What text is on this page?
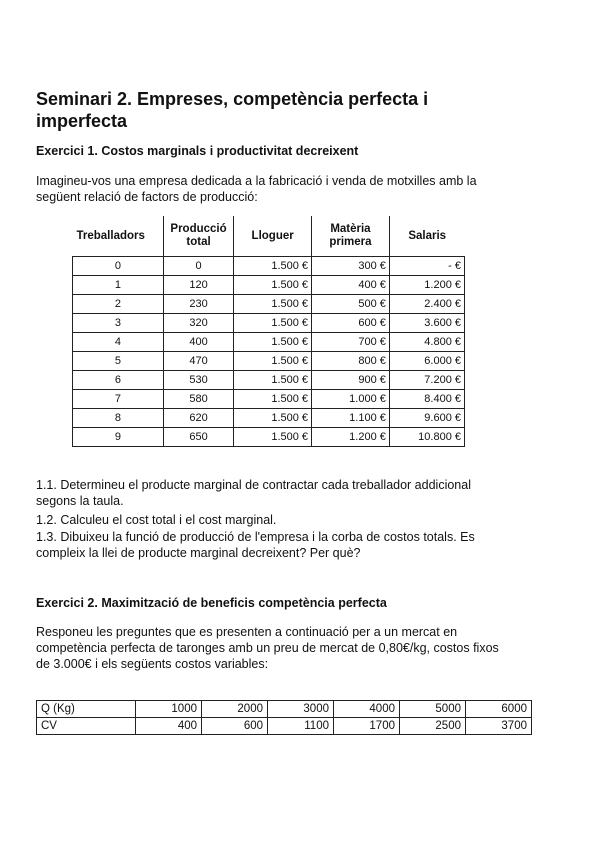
Seminari 2. Empreses, competència perfecta i imperfecta
Exercici 1. Costos marginals i productivitat decreixent

Imagineu-vos una empresa dedicada a la fabricació i venda de motxilles amb la següent relació de factors de producció:

Treballadors	Producció total	Lloguer	Matèria primera	Salaris
0	0	1.500 €	300 €	- €
1	120	1.500 €	400 €	1.200 €
2	230	1.500 €	500 €	2.400 €
3	320	1.500 €	600 €	3.600 €
4	400	1.500 €	700 €	4.800 €
5	470	1.500 €	800 €	6.000 €
6	530	1.500 €	900 €	7.200 €
7	580	1.500 €	1.000 €	8.400 €
8	620	1.500 €	1.100 €	9.600 €
9	650	1.500 €	1.200 €	10.800 €

1.1. Determineu el producte marginal de contractar cada treballador addicional segons la taula.

1.2. Calculeu el cost total i el cost marginal.

1.3. Dibuixeu la funció de producció de l'empresa i la corba de costos totals. Es compleix la llei de producte marginal decreixent? Per què?

Exercici 2. Maximització de beneficis competència perfecta

Responeu les preguntes que es presenten a continuació per a un mercat en competència perfecta de taronges amb un preu de mercat de 0,80€/kg, costos fixos de 3.000€ i els següents costos variables:

Q (Kg)	1000	2000	3000	4000	5000	6000
CV	400	600	1100	1700	2500	3700
